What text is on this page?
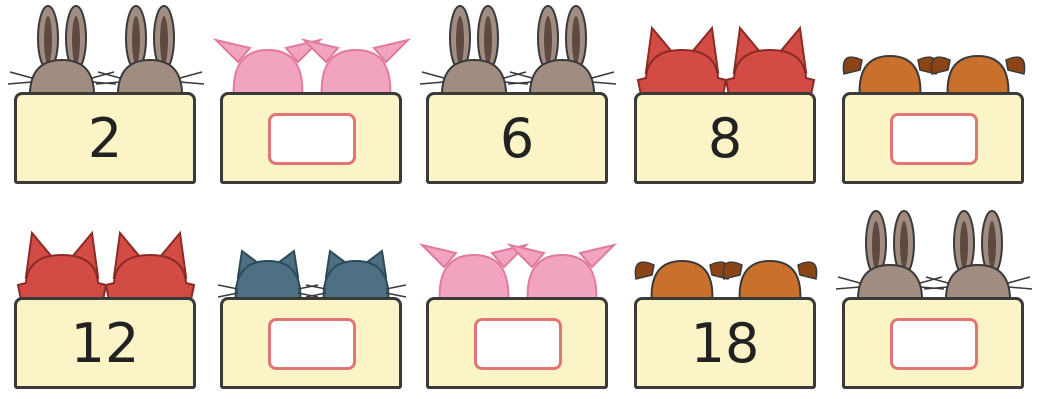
2	6	8
12	18
